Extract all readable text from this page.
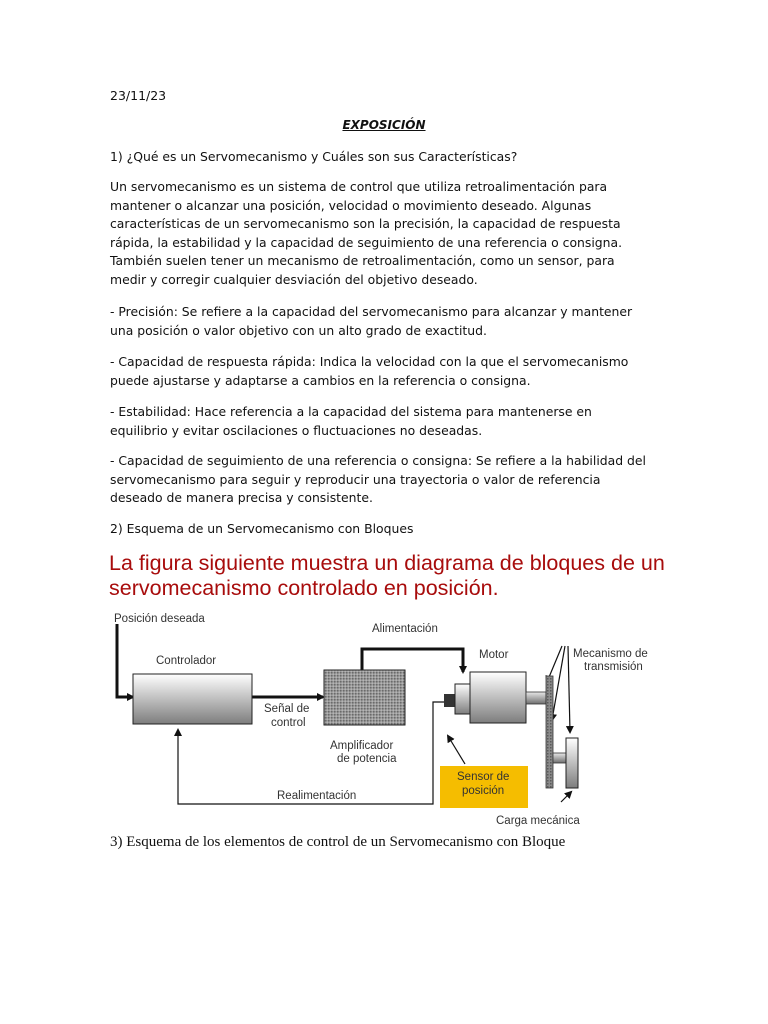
23/11/23
EXPOSICIÓN

1) ¿Qué es un Servomecanismo y Cuáles son sus Características?

Un servomecanismo es un sistema de control que utiliza retroalimentación para mantener o alcanzar una posición, velocidad o movimiento deseado. Algunas características de un servomecanismo son la precisión, la capacidad de respuesta rápida, la estabilidad y la capacidad de seguimiento de una referencia o consigna. También suelen tener un mecanismo de retroalimentación, como un sensor, para medir y corregir cualquier desviación del objetivo deseado.

- Precisión: Se refiere a la capacidad del servomecanismo para alcanzar y mantener una posición o valor objetivo con un alto grado de exactitud.

- Capacidad de respuesta rápida: Indica la velocidad con la que el servomecanismo puede ajustarse y adaptarse a cambios en la referencia o consigna.

- Estabilidad: Hace referencia a la capacidad del sistema para mantenerse en equilibrio y evitar oscilaciones o fluctuaciones no deseadas.

- Capacidad de seguimiento de una referencia o consigna: Se refiere a la habilidad del servomecanismo para seguir y reproducir una trayectoria o valor de referencia deseado de manera precisa y consistente.

2) Esquema de un Servomecanismo con Bloques

La figura siguiente muestra un diagrama de bloques de un servomecanismo controlado en posición.

Posición deseada
Controlador
Alimentación
Motor	Mecanismo de
transmisión
Señal de
control
Amplificador
de potencia
Sensor de
posición
Realimentación
Carga mecánica
3) Esquema de los elementos de control de un Servomecanismo con Bloque
